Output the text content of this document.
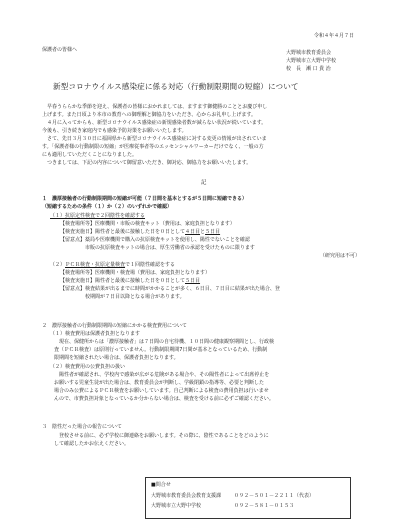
令和４年４月７日
保護者の皆様へ	大野城市教育委員会
大野城市立大野中学校
校　長　瀬 口 貴 治
新型コロナウイルス感染症に係る対応（行動制限期間の短縮）について
　早春うららかな季節を迎え、保護者の皆様におかれましては、ますます御健勝のこととお慶び申し
上げます。また日頃より本市の教育への御理解と御協力をいただき、心からお礼申し上げます。
　４月に入ってからも、新型コロナウイルス感染症の新規感染者数が減らない状況が続いています。
今後も、引き続き家庭内でも感染予防対策をお願いいたします。
　さて、先日３月３０日に福岡県から新型コロナウイルス感染症に対する変更の情報が出されていま
す。「保護者様の行動制限の短縮」が医療従事者等のエッセンシャルワーカーだけでなく、一般の方
にも適用していただくことになりました。
　つきましては、下記の内容について御留意いただき、御対応、御協力をお願いいたします。
記
１　濃厚接触者の行動制限期間の短縮が可能（７日間を基本とするが５日間に短縮できる）
（短縮するための条件（１）か（２）のいずれかで確認）
（１）抗原定性検査で２回陰性を確認する
【検査場所等】医療機関・市販の検査キット（費用は、家庭負担となります）
【検査実施日】陽性者と最後に接触した日を０日として４日目と５日目
【留意点】薬局や医療機関で購入の抗原検査キットを使用し、陽性でないことを確認
　　　　　市販の抗原検査キットの場合は、厚生労働省の承認を受けたものに限ります
（研究用は不可）
（２）ＰＣＲ検査・抗原定量検査で１回陰性確認をする
【検査場所等】医療機関・検査場（費用は、家庭負担となります）
【検査実施日】陽性者と最後に接触した日を０日として５日目
【留意点】検査結果が出るまでに時間がかかることが多く、６日目、７日目に結果が出た場合、登
　　　　　校期間が７日目以降となる場合があります。
２　濃厚接触者の行動制限期間の短縮にかかる検査費用について
（１）検査費用は保護者負担となります
　現在、保健所からは「濃厚接触者」は７日間の自宅待機、１０日間の健康観察期間とし、行政検
査（ＰＣＲ検査）は原則行っていません。行動制限期間7日間が基本となっているため、行動制
限期間を短縮されたい場合は、保護者負担となります。
（２）検査費用の公費負担の扱い
　陽性者が確認され、学校内で感染が広がる危険がある場合や、その陽性者によって出席停止を
お願いする児童生徒が出た場合は、教育委員会が判断し、学級閉鎖の指導等、必要と判断した
場合のみ公費によるＰＣＲ検査をお願いしています。自己判断による検査の費用負担は行いませ
んので、市費負担対象となっているか分からない場合は、検査を受ける前に必ずご確認ください。
３　陰性だった場合の報告について
　登校させる前に、必ず学校に御連絡をお願いします。その際に、陰性であることをどのように
して確認したかお伝えください。
■問合せ
大野城市教育委員会教育支援課	０９２－５０１－２２１１（代表）
大野城市立大野中学校	０９２－５８１－０１５３
